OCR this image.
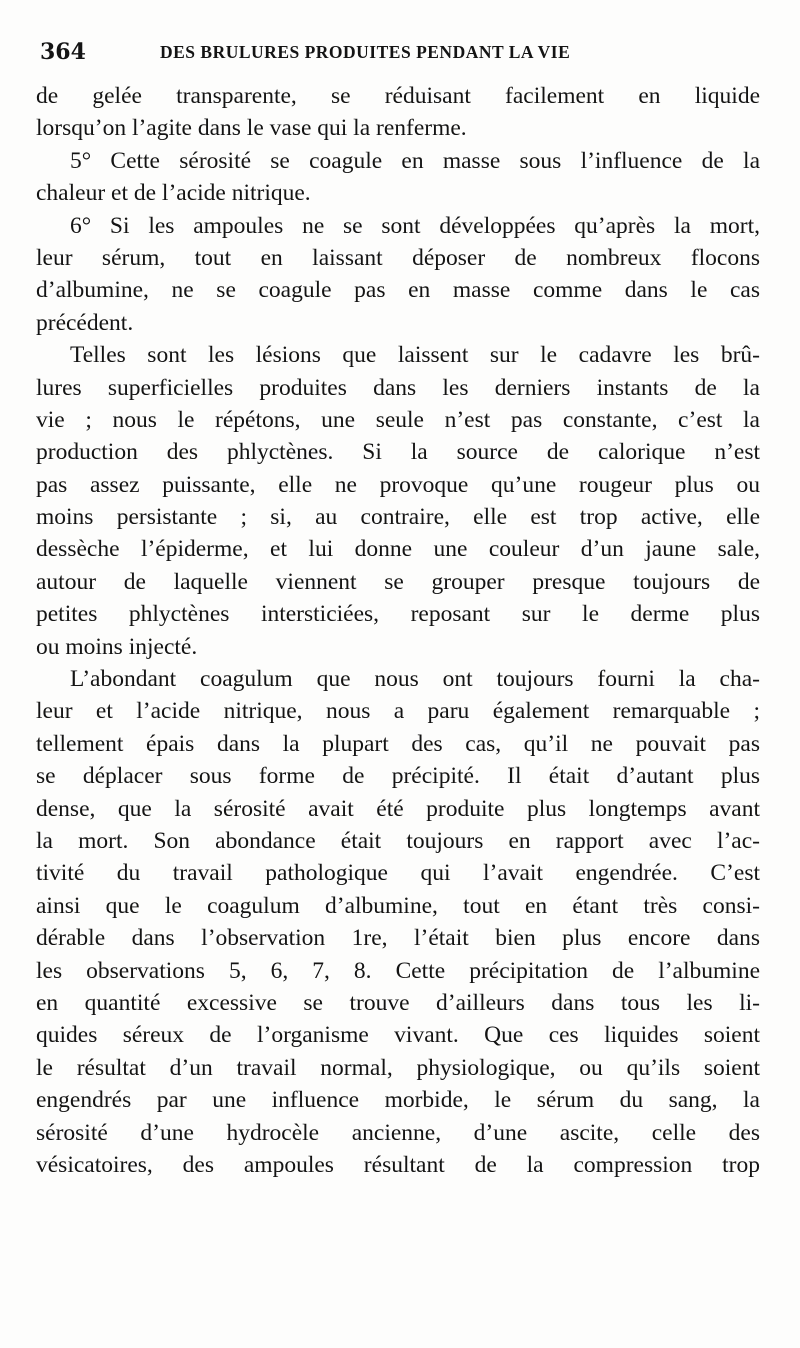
364	DES BRULURES PRODUITES PENDANT LA VIE
de gelée transparente, se réduisant facilement en liquide
lorsqu’on l’agite dans le vase qui la renferme.
5° Cette sérosité se coagule en masse sous l’influence de la
chaleur et de l’acide nitrique.
6° Si les ampoules ne se sont développées qu’après la mort,
leur sérum, tout en laissant déposer de nombreux flocons
d’albumine, ne se coagule pas en masse comme dans le cas
précédent.
Telles sont les lésions que laissent sur le cadavre les brû-
lures superficielles produites dans les derniers instants de la
vie ; nous le répétons, une seule n’est pas constante, c’est la
production des phlyctènes. Si la source de calorique n’est
pas assez puissante, elle ne provoque qu’une rougeur plus ou
moins persistante ; si, au contraire, elle est trop active, elle
dessèche l’épiderme, et lui donne une couleur d’un jaune sale,
autour de laquelle viennent se grouper presque toujours de
petites phlyctènes intersticiées, reposant sur le derme plus
ou moins injecté.
L’abondant coagulum que nous ont toujours fourni la cha-
leur et l’acide nitrique, nous a paru également remarquable ;
tellement épais dans la plupart des cas, qu’il ne pouvait pas
se déplacer sous forme de précipité. Il était d’autant plus
dense, que la sérosité avait été produite plus longtemps avant
la mort. Son abondance était toujours en rapport avec l’ac-
tivité du travail pathologique qui l’avait engendrée. C’est
ainsi que le coagulum d’albumine, tout en étant très consi-
dérable dans l’observation 1re, l’était bien plus encore dans
les observations 5, 6, 7, 8. Cette précipitation de l’albumine
en quantité excessive se trouve d’ailleurs dans tous les li-
quides séreux de l’organisme vivant. Que ces liquides soient
le résultat d’un travail normal, physiologique, ou qu’ils soient
engendrés par une influence morbide, le sérum du sang, la
sérosité d’une hydrocèle ancienne, d’une ascite, celle des
vésicatoires, des ampoules résultant de la compression trop
